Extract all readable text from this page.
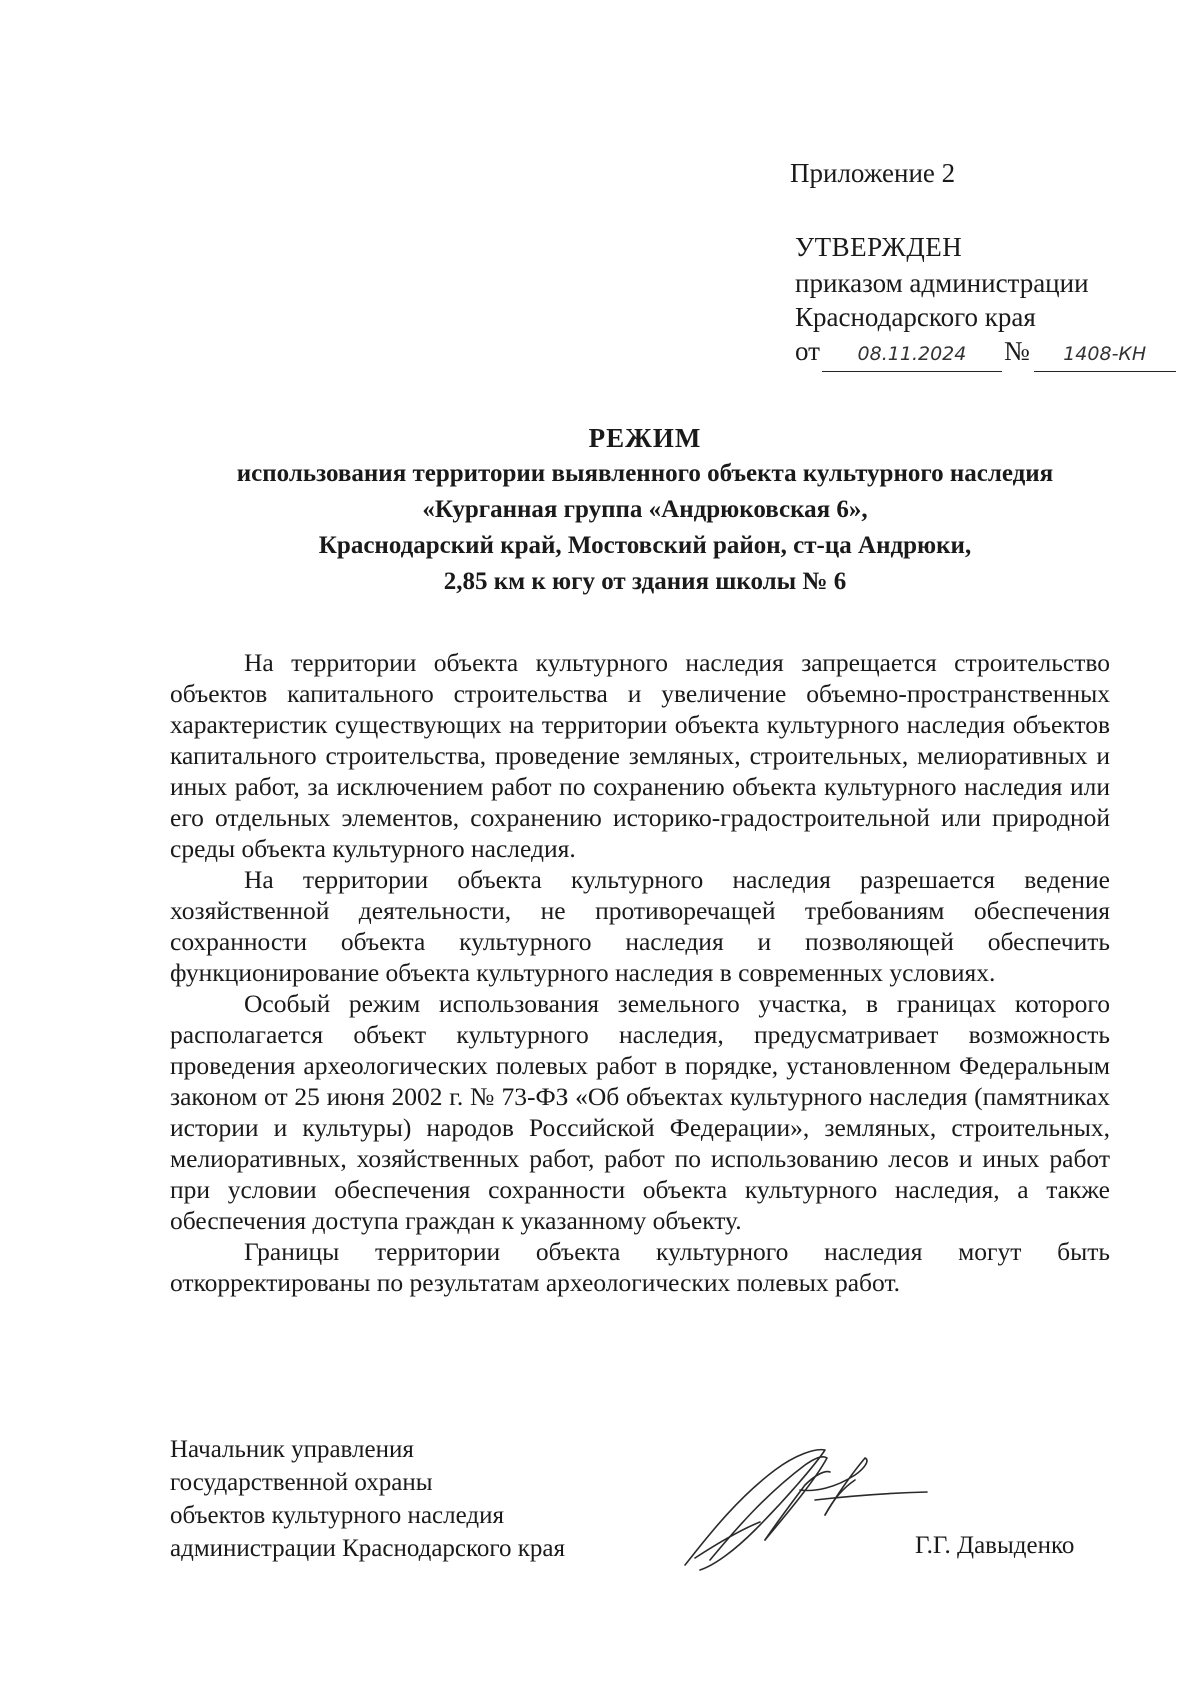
Приложение 2
УТВЕРЖДЕН
приказом администрации
Краснодарского края
от 08.11.2024 № 1408-КН
РЕЖИМ
использования территории выявленного объекта культурного наследия
«Курганная группа «Андрюковская 6»,
Краснодарский край, Мостовский район, ст-ца Андрюки,
2,85 км к югу от здания школы № 6

На территории объекта культурного наследия запрещается строительство объектов капитального строительства и увеличение объемно-пространственных характеристик существующих на территории объекта культурного наследия объектов капитального строительства, проведение земляных, строительных, мелиоративных и иных работ, за исключением работ по сохранению объекта культурного наследия или его отдельных элементов, сохранению историко-градостроительной или природной среды объекта культурного наследия.

На территории объекта культурного наследия разрешается ведение хозяйственной деятельности, не противоречащей требованиям обеспечения сохранности объекта культурного наследия и позволяющей обеспечить функционирование объекта культурного наследия в современных условиях.

Особый режим использования земельного участка, в границах которого располагается объект культурного наследия, предусматривает возможность проведения археологических полевых работ в порядке, установленном Федеральным законом от 25 июня 2002 г. № 73-ФЗ «Об объектах культурного наследия (памятниках истории и культуры) народов Российской Федерации», земляных, строительных, мелиоративных, хозяйственных работ, работ по использованию лесов и иных работ при условии обеспечения сохранности объекта культурного наследия, а также обеспечения доступа граждан к указанному объекту.

Границы территории объекта культурного наследия могут быть откорректированы по результатам археологических полевых работ.

Начальник управления
государственной охраны
объектов культурного наследия
администрации Краснодарского края	Г.Г. Давыденко
